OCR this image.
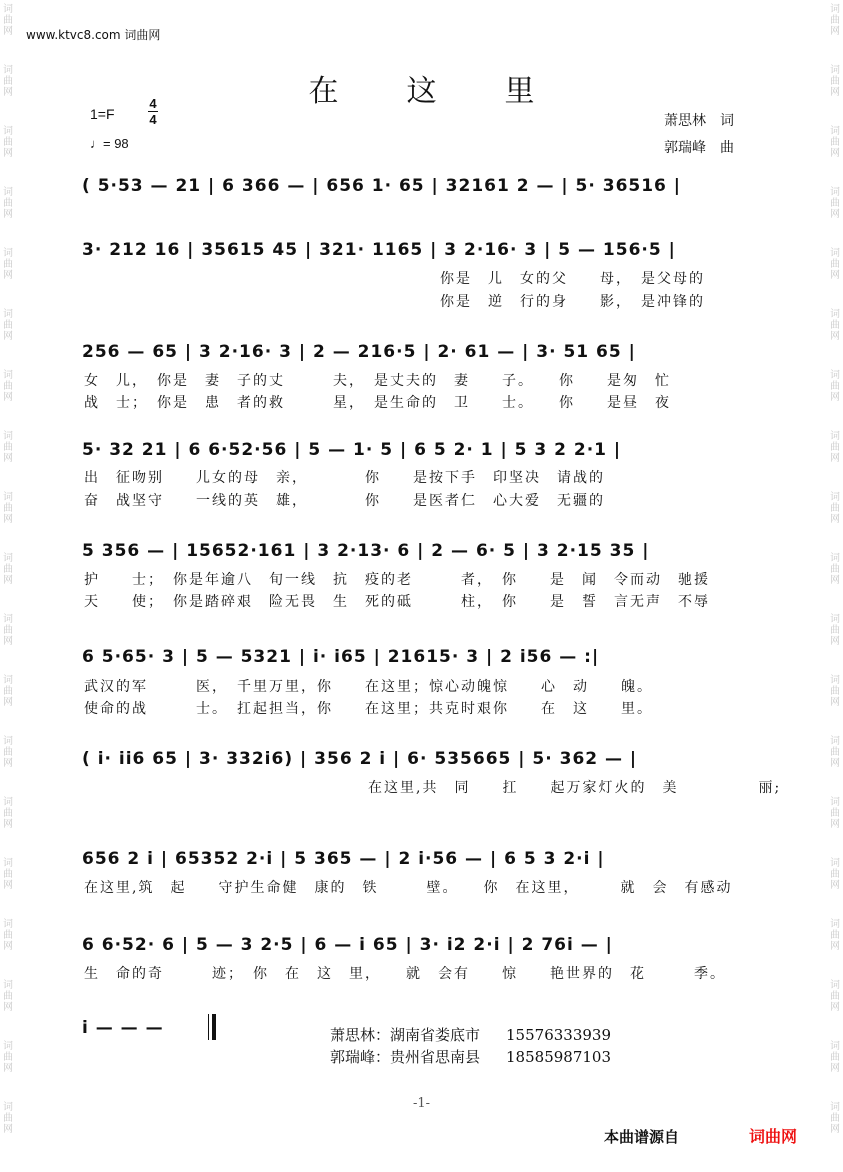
词
曲
网
词
曲
网
词
曲
网
词
曲
网
词
曲
网
词
曲
网
词
曲
网
词
曲
网
词
曲
网
词
曲
网
词
曲
网
词
曲
网
词
曲
网
词
曲
网
词
曲
网
词
曲
网
词
曲
网
词
曲
网
词
曲
网
词
曲
网
词
曲
网
词
曲
网
词
曲
网
词
曲
网
词
曲
网
词
曲
网
词
曲
网
词
曲
网
词
曲
网
词
曲
网
词
曲
网
词
曲
网
词
曲
网
词
曲
网
词
曲
网
词
曲
网
词
曲
网
词
曲
网
www.ktvc8.com 词曲网
在这里
1=F
4
4
♩= 98
萧思林　词
郭瑞峰　曲
( 5·53 — 21 | 6 366 — | 656 1· 65 | 32161 2 — | 5· 36516 |
3· 212 16 | 35615 45 | 321· 1165 | 3 2·16· 3 | 5 — 156·5 |
你是　儿　女的父　　母，　是父母的
你是　逆　行的身　　影，　是冲锋的
256 — 65 | 3 2·16· 3 | 2 — 216·5 | 2· 61 — | 3· 51 65 |
女　儿，　你是　妻　子的丈　　　夫，　是丈夫的　妻　　子。　　你　　是匆　忙
战　士；　你是　患　者的救　　　星，　是生命的　卫　　士。　　你　　是昼　夜
5· 32 21 | 6 6·52·56 | 5 — 1· 5 | 6 5 2· 1 | 5 3 2 2·1 |
出　征吻别　　儿女的母　亲，　　　　你　　是按下手　印坚决　请战的
奋　战坚守　　一线的英　雄，　　　　你　　是医者仁　心大爱　无疆的
5 356 — | 15652·161 | 3 2·13· 6 | 2 — 6· 5 | 3 2·15 35 |
护　　士；　你是年逾八　旬一线　抗　疫的老　　　者，　你　　是　闻　令而动　驰援
天　　使；　你是踏碎艰　险无畏　生　死的砥　　　柱，　你　　是　誓　言无声　不辱
6 5·65· 3 | 5 — 5321 | i· i65 | 21615· 3 | 2 i56 — :|
武汉的军　　　医，　千里万里，你　　在这里；惊心动魄惊　　心　动　　魄。
使命的战　　　士。　扛起担当，你　　在这里；共克时艰你　　在　这　　里。
( i· ii6 65 | 3· 332i6) | 356 2 i | 6· 535665 | 5· 362 — |
在这里,共　同　　扛　　起万家灯火的　美　　　　　丽;
656 2 i | 65352 2·i | 5 365 — | 2 i·56 — | 6 5 3 2·i |
在这里,筑　起　　守护生命健　康的　铁　　　壁。　　你　在这里，　　　就　会　有感动
6 6·52· 6 | 5 — 3 2·5 | 6 — i 65 | 3· i2 2·i | 2 76i — |
生　命的奇　　　迹；　你　在　这　里，　　就　会有　　惊　　艳世界的　花　　　季。
i — — —	萧思林：湖南省娄底市 15576333939
郭瑞峰：贵州省思南县 18585987103
-1-
本曲谱源自	词曲网
